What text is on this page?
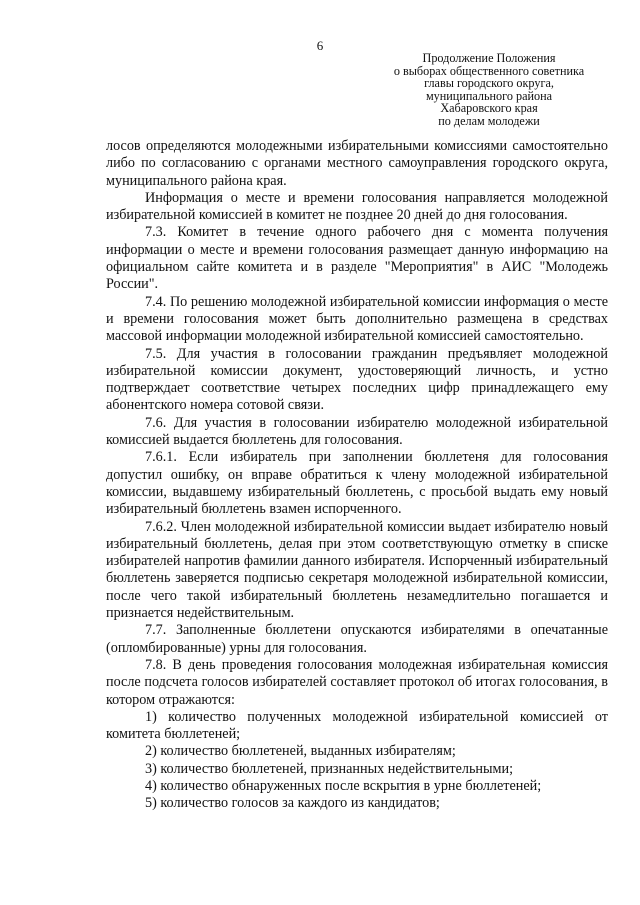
6
Продолжение Положения
о выборах общественного советника
главы городского округа,
муниципального района
Хабаровского края
по делам молодежи

лосов определяются молодежными избирательными комиссиями самостоятельно либо по согласованию с органами местного самоуправления городского округа, муниципального района края.

Информация о месте и времени голосования направляется молодежной избирательной комиссией в комитет не позднее 20 дней до дня голосования.

7.3. Комитет в течение одного рабочего дня с момента получения информации о месте и времени голосования размещает данную информацию на официальном сайте комитета и в разделе "Мероприятия" в АИС "Молодежь России".

7.4. По решению молодежной избирательной комиссии информация о месте и времени голосования может быть дополнительно размещена в средствах массовой информации молодежной избирательной комиссией самостоятельно.

7.5. Для участия в голосовании гражданин предъявляет молодежной избирательной комиссии документ, удостоверяющий личность, и устно подтверждает соответствие четырех последних цифр принадлежащего ему абонентского номера сотовой связи.

7.6. Для участия в голосовании избирателю молодежной избирательной комиссией выдается бюллетень для голосования.

7.6.1. Если избиратель при заполнении бюллетеня для голосования допустил ошибку, он вправе обратиться к члену молодежной избирательной комиссии, выдавшему избирательный бюллетень, с просьбой выдать ему новый избирательный бюллетень взамен испорченного.

7.6.2. Член молодежной избирательной комиссии выдает избирателю новый избирательный бюллетень, делая при этом соответствующую отметку в списке избирателей напротив фамилии данного избирателя. Испорченный избирательный бюллетень заверяется подписью секретаря молодежной избирательной комиссии, после чего такой избирательный бюллетень незамедлительно погашается и признается недействительным.

7.7. Заполненные бюллетени опускаются избирателями в опечатанные (опломбированные) урны для голосования.

7.8. В день проведения голосования молодежная избирательная комиссия после подсчета голосов избирателей составляет протокол об итогах голосования, в котором отражаются:

1) количество полученных молодежной избирательной комиссией от комитета бюллетеней;

2) количество бюллетеней, выданных избирателям;

3) количество бюллетеней, признанных недействительными;

4) количество обнаруженных после вскрытия в урне бюллетеней;

5) количество голосов за каждого из кандидатов;
